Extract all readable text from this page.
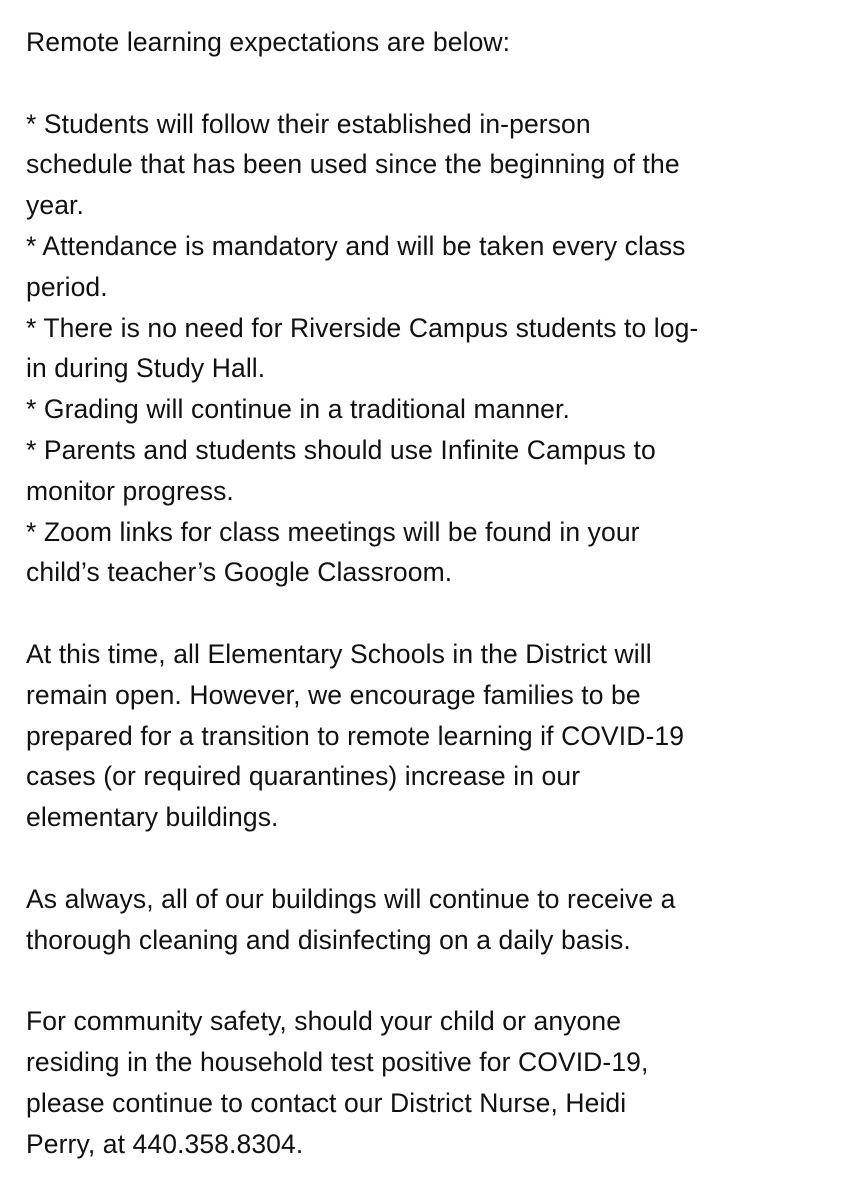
Remote learning expectations are below:
* Students will follow their established in-person
schedule that has been used since the beginning of the
year.
* Attendance is mandatory and will be taken every class
period.
* There is no need for Riverside Campus students to log-
in during Study Hall.
* Grading will continue in a traditional manner.
* Parents and students should use Infinite Campus to
monitor progress.
* Zoom links for class meetings will be found in your
child’s teacher’s Google Classroom.
At this time, all Elementary Schools in the District will
remain open. However, we encourage families to be
prepared for a transition to remote learning if COVID-19
cases (or required quarantines) increase in our
elementary buildings.
As always, all of our buildings will continue to receive a
thorough cleaning and disinfecting on a daily basis.
For community safety, should your child or anyone
residing in the household test positive for COVID-19,
please continue to contact our District Nurse, Heidi
Perry, at 440.358.8304.
